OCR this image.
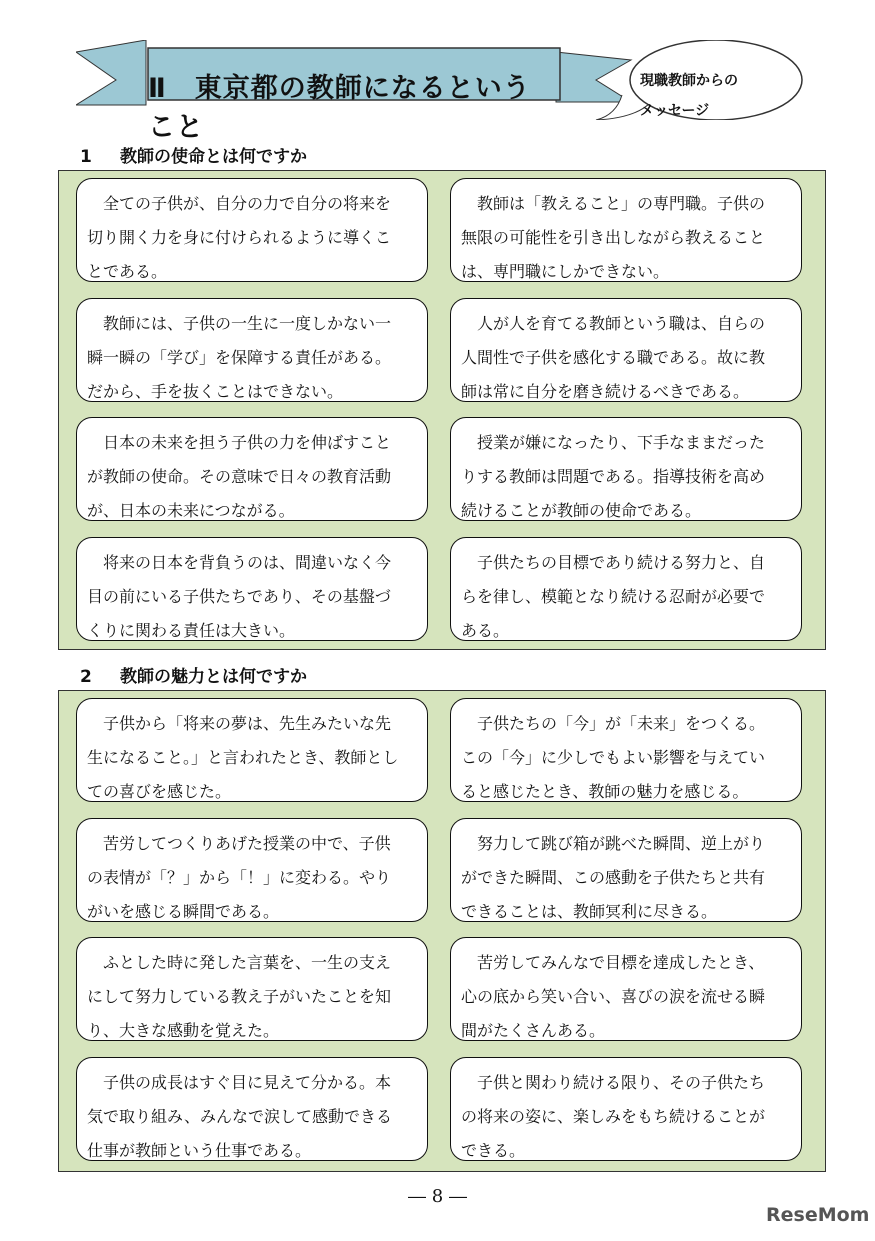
Ⅱ　東京都の教師になるということ
現職教師からの
メッセージ
1 教師の使命とは何ですか
　全ての子供が、自分の力で自分の将来を
切り開く力を身に付けられるように導くこ
とである。
　教師は「教えること」の専門職。子供の
無限の可能性を引き出しながら教えること
は、専門職にしかできない。
　教師には、子供の一生に一度しかない一
瞬一瞬の「学び」を保障する責任がある。
だから、手を抜くことはできない。
　人が人を育てる教師という職は、自らの
人間性で子供を感化する職である。故に教
師は常に自分を磨き続けるべきである。
　日本の未来を担う子供の力を伸ばすこと
が教師の使命。その意味で日々の教育活動
が、日本の未来につながる。
　授業が嫌になったり、下手なままだった
りする教師は問題である。指導技術を高め
続けることが教師の使命である。
　将来の日本を背負うのは、間違いなく今
目の前にいる子供たちであり、その基盤づ
くりに関わる責任は大きい。
　子供たちの目標であり続ける努力と、自
らを律し、模範となり続ける忍耐が必要で
ある。
2 教師の魅力とは何ですか
　子供から「将来の夢は、先生みたいな先
生になること。」と言われたとき、教師とし
ての喜びを感じた。
　子供たちの「今」が「未来」をつくる。
この「今」に少しでもよい影響を与えてい
ると感じたとき、教師の魅力を感じる。
　苦労してつくりあげた授業の中で、子供
の表情が「？」から「！」に変わる。やり
がいを感じる瞬間である。
　努力して跳び箱が跳べた瞬間、逆上がり
ができた瞬間、この感動を子供たちと共有
できることは、教師冥利に尽きる。
　ふとした時に発した言葉を、一生の支え
にして努力している教え子がいたことを知
り、大きな感動を覚えた。
　苦労してみんなで目標を達成したとき、
心の底から笑い合い、喜びの涙を流せる瞬
間がたくさんある。
　子供の成長はすぐ目に見えて分かる。本
気で取り組み、みんなで涙して感動できる
仕事が教師という仕事である。
　子供と関わり続ける限り、その子供たち
の将来の姿に、楽しみをもち続けることが
できる。
― 8 ―
ReseMom
